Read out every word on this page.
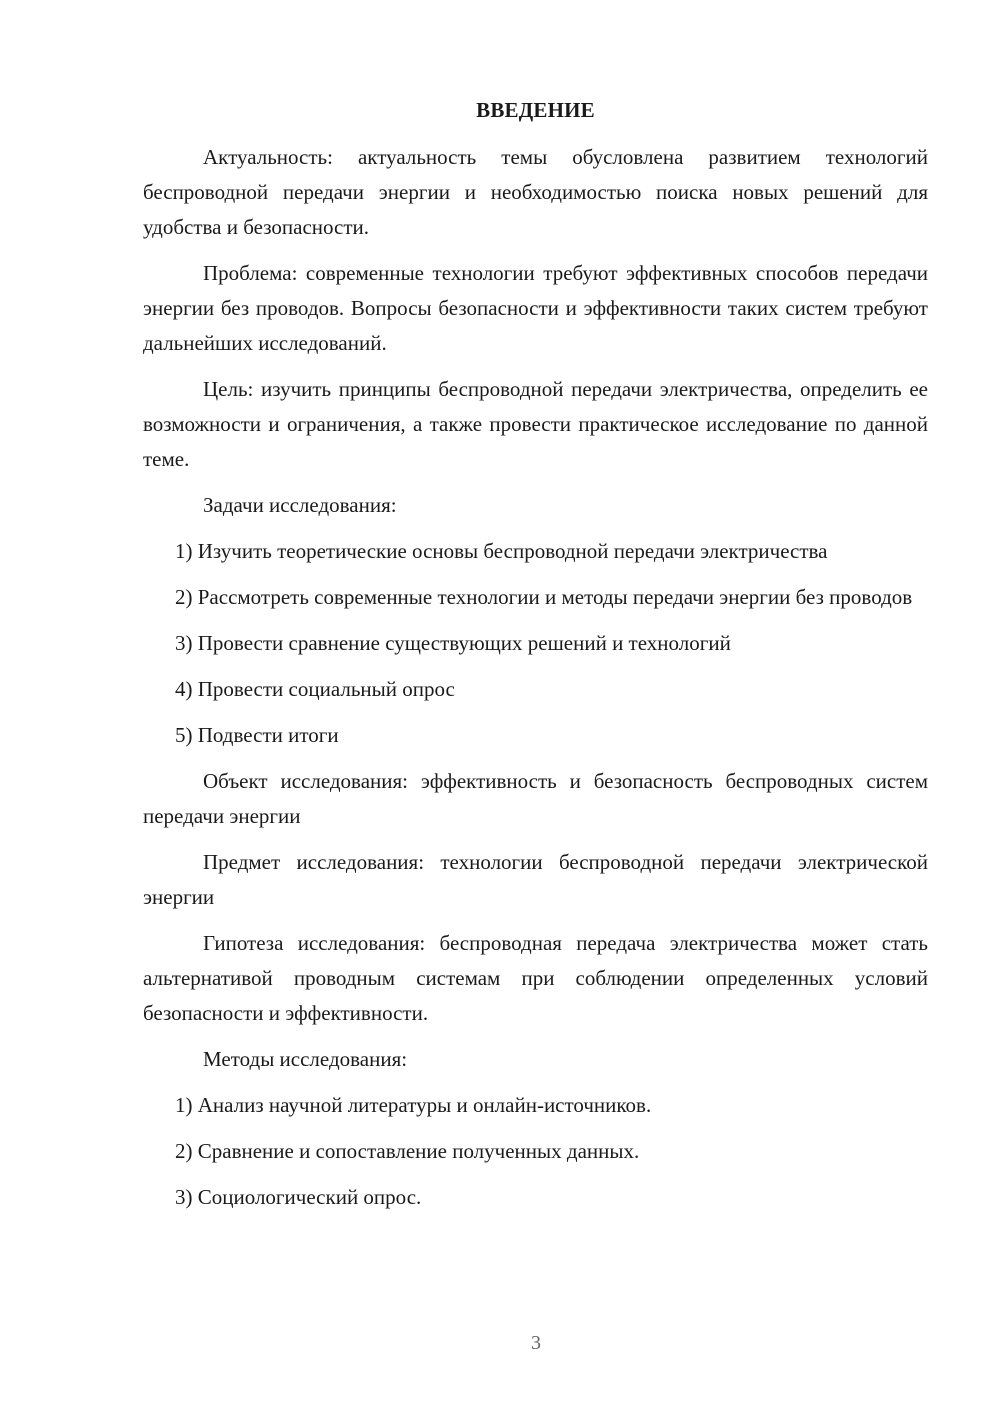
ВВЕДЕНИЕ

Актуальность: актуальность темы обусловлена развитием технологий беспроводной передачи энергии и необходимостью поиска новых решений для удобства и безопасности.

Проблема: современные технологии требуют эффективных способов передачи энергии без проводов. Вопросы безопасности и эффективности таких систем требуют дальнейших исследований.

Цель: изучить принципы беспроводной передачи электричества, определить ее возможности и ограничения, а также провести практическое исследование по данной теме.

Задачи исследования:

1) Изучить теоретические основы беспроводной передачи электричества

2) Рассмотреть современные технологии и методы передачи энергии без проводов

3) Провести сравнение существующих решений и технологий

4) Провести социальный опрос

5) Подвести итоги

Объект исследования: эффективность и безопасность беспроводных систем передачи энергии

Предмет исследования: технологии беспроводной передачи электрической энергии

Гипотеза исследования: беспроводная передача электричества может стать альтернативой проводным системам при соблюдении определенных условий безопасности и эффективности.

Методы исследования:

1) Анализ научной литературы и онлайн-источников.

2) Сравнение и сопоставление полученных данных.

3) Социологический опрос.

3
